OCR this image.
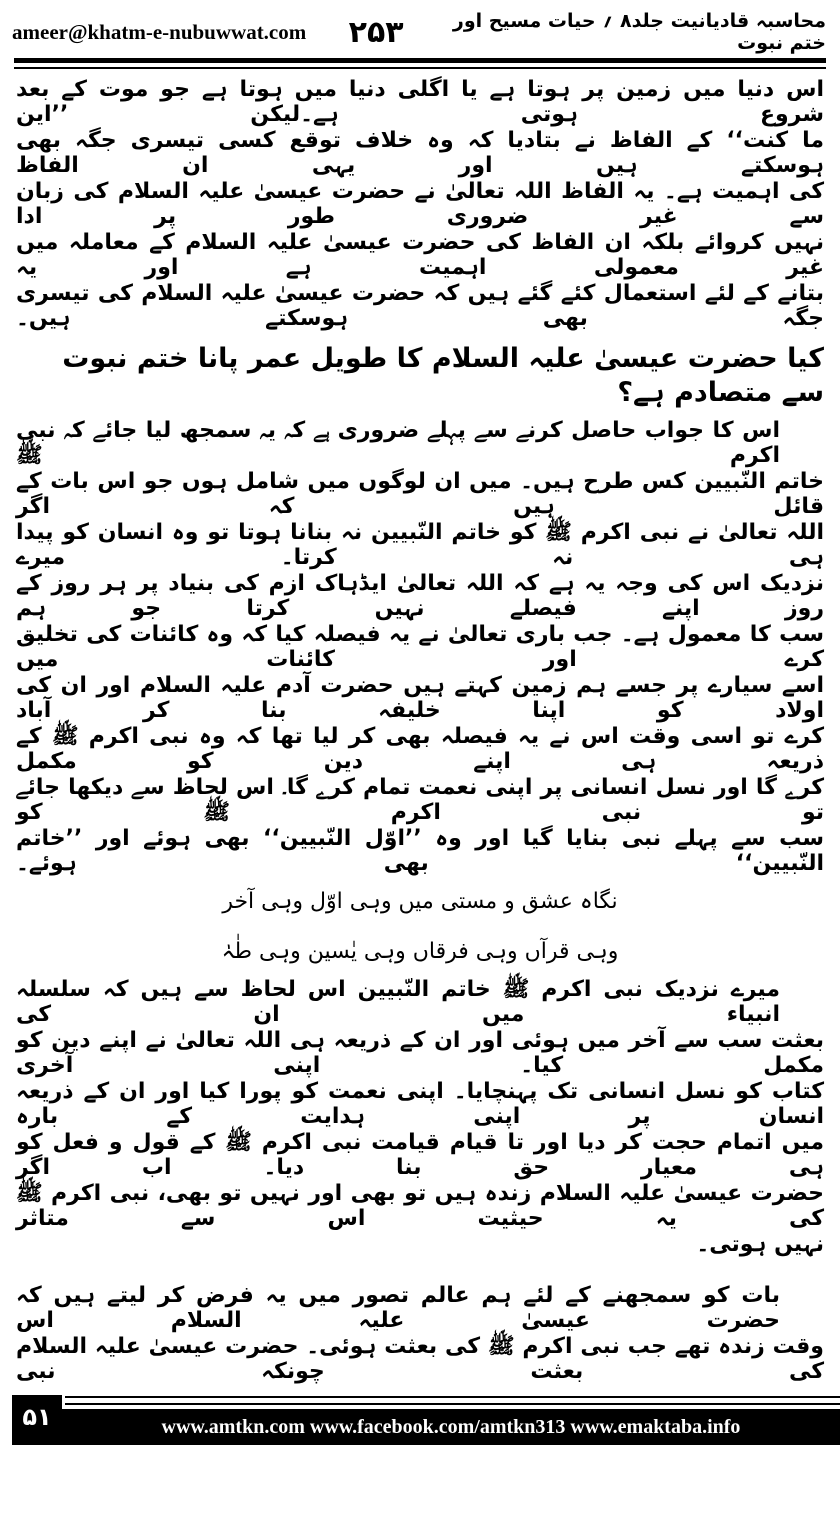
ameer@khatm-e-nubuwwat.com ۲۵۳	محاسبہ قادیانیت جلد۸ ؍ حیات مسیح اور ختم نبوت
اس دنیا میں زمین پر ہوتا ہے یا اگلی دنیا میں ہوتا ہے جو موت کے بعد شروع ہوتی ہے۔لیکن ’’این
ما کنت‘‘ کے الفاظ نے بتادیا کہ وہ خلاف توقع کسی تیسری جگہ بھی ہوسکتے ہیں اور یہی ان الفاظ
کی اہمیت ہے۔ یہ الفاظ اللہ تعالیٰ نے حضرت عیسیٰ علیہ السلام کی زبان سے غیر ضروری طور پر ادا
نہیں کروائے بلکہ ان الفاظ کی حضرت عیسیٰ علیہ السلام کے معاملہ میں غیر معمولی اہمیت ہے اور یہ
بتانے کے لئے استعمال کئے گئے ہیں کہ حضرت عیسیٰ علیہ السلام کی تیسری جگہ بھی ہوسکتے ہیں۔
کیا حضرت عیسیٰ علیہ السلام کا طویل عمر پانا ختم نبوت سے متصادم ہے؟
اس کا جواب حاصل کرنے سے پہلے ضروری ہے کہ یہ سمجھ لیا جائے کہ نبی اکرم ﷺ
خاتم النّبیین کس طرح ہیں۔ میں ان لوگوں میں شامل ہوں جو اس بات کے قائل ہیں کہ اگر
اللہ تعالیٰ نے نبی اکرم ﷺ کو خاتم النّبیین نہ بنانا ہوتا تو وہ انسان کو پیدا ہی نہ کرتا۔ میرے
نزدیک اس کی وجہ یہ ہے کہ اللہ تعالیٰ ایڈہاک ازم کی بنیاد پر ہر روز کے روز اپنے فیصلے نہیں کرتا جو ہم
سب کا معمول ہے۔ جب باری تعالیٰ نے یہ فیصلہ کیا کہ وہ کائنات کی تخلیق کرے اور کائنات میں
اسے سیارے پر جسے ہم زمین کہتے ہیں حضرت آدم علیہ السلام اور ان کی اولاد کو اپنا خلیفہ بنا کر آباد
کرے تو اسی وقت اس نے یہ فیصلہ بھی کر لیا تھا کہ وہ نبی اکرم ﷺ کے ذریعہ ہی اپنے دین کو مکمل
کرے گا اور نسل انسانی پر اپنی نعمت تمام کرے گا۔ اس لحاظ سے دیکھا جائے تو نبی اکرم ﷺ کو
سب سے پہلے نبی بنایا گیا اور وہ ’’اوّل النّبیین‘‘ بھی ہوئے اور ’’خاتم النّبیین‘‘ بھی ہوئے۔
نگاہ عشق و مستی میں وہی اوّل وہی آخر
وہی قرآں وہی فرقاں وہی یٰسین وہی طٰہٰ
میرے نزدیک نبی اکرم ﷺ خاتم النّبیین اس لحاظ سے ہیں کہ سلسلہ انبیاء میں ان کی
بعثت سب سے آخر میں ہوئی اور ان کے ذریعہ ہی اللہ تعالیٰ نے اپنے دین کو مکمل کیا۔ اپنی آخری
کتاب کو نسل انسانی تک پہنچایا۔ اپنی نعمت کو پورا کیا اور ان کے ذریعہ انسان پر اپنی ہدایت کے بارہ
میں اتمام حجت کر دیا اور تا قیام قیامت نبی اکرم ﷺ کے قول و فعل کو ہی معیار حق بنا دیا۔ اب اگر
حضرت عیسیٰ علیہ السلام زندہ ہیں تو بھی اور نہیں تو بھی، نبی اکرم ﷺ کی یہ حیثیت اس سے متاثر
نہیں ہوتی۔
بات کو سمجھنے کے لئے ہم عالم تصور میں یہ فرض کر لیتے ہیں کہ حضرت عیسیٰ علیہ السلام اس
وقت زندہ تھے جب نبی اکرم ﷺ کی بعثت ہوئی۔ حضرت عیسیٰ علیہ السلام کی بعثت چونکہ نبی
۵۱	www.amtkn.com www.facebook.com/amtkn313 www.emaktaba.info
